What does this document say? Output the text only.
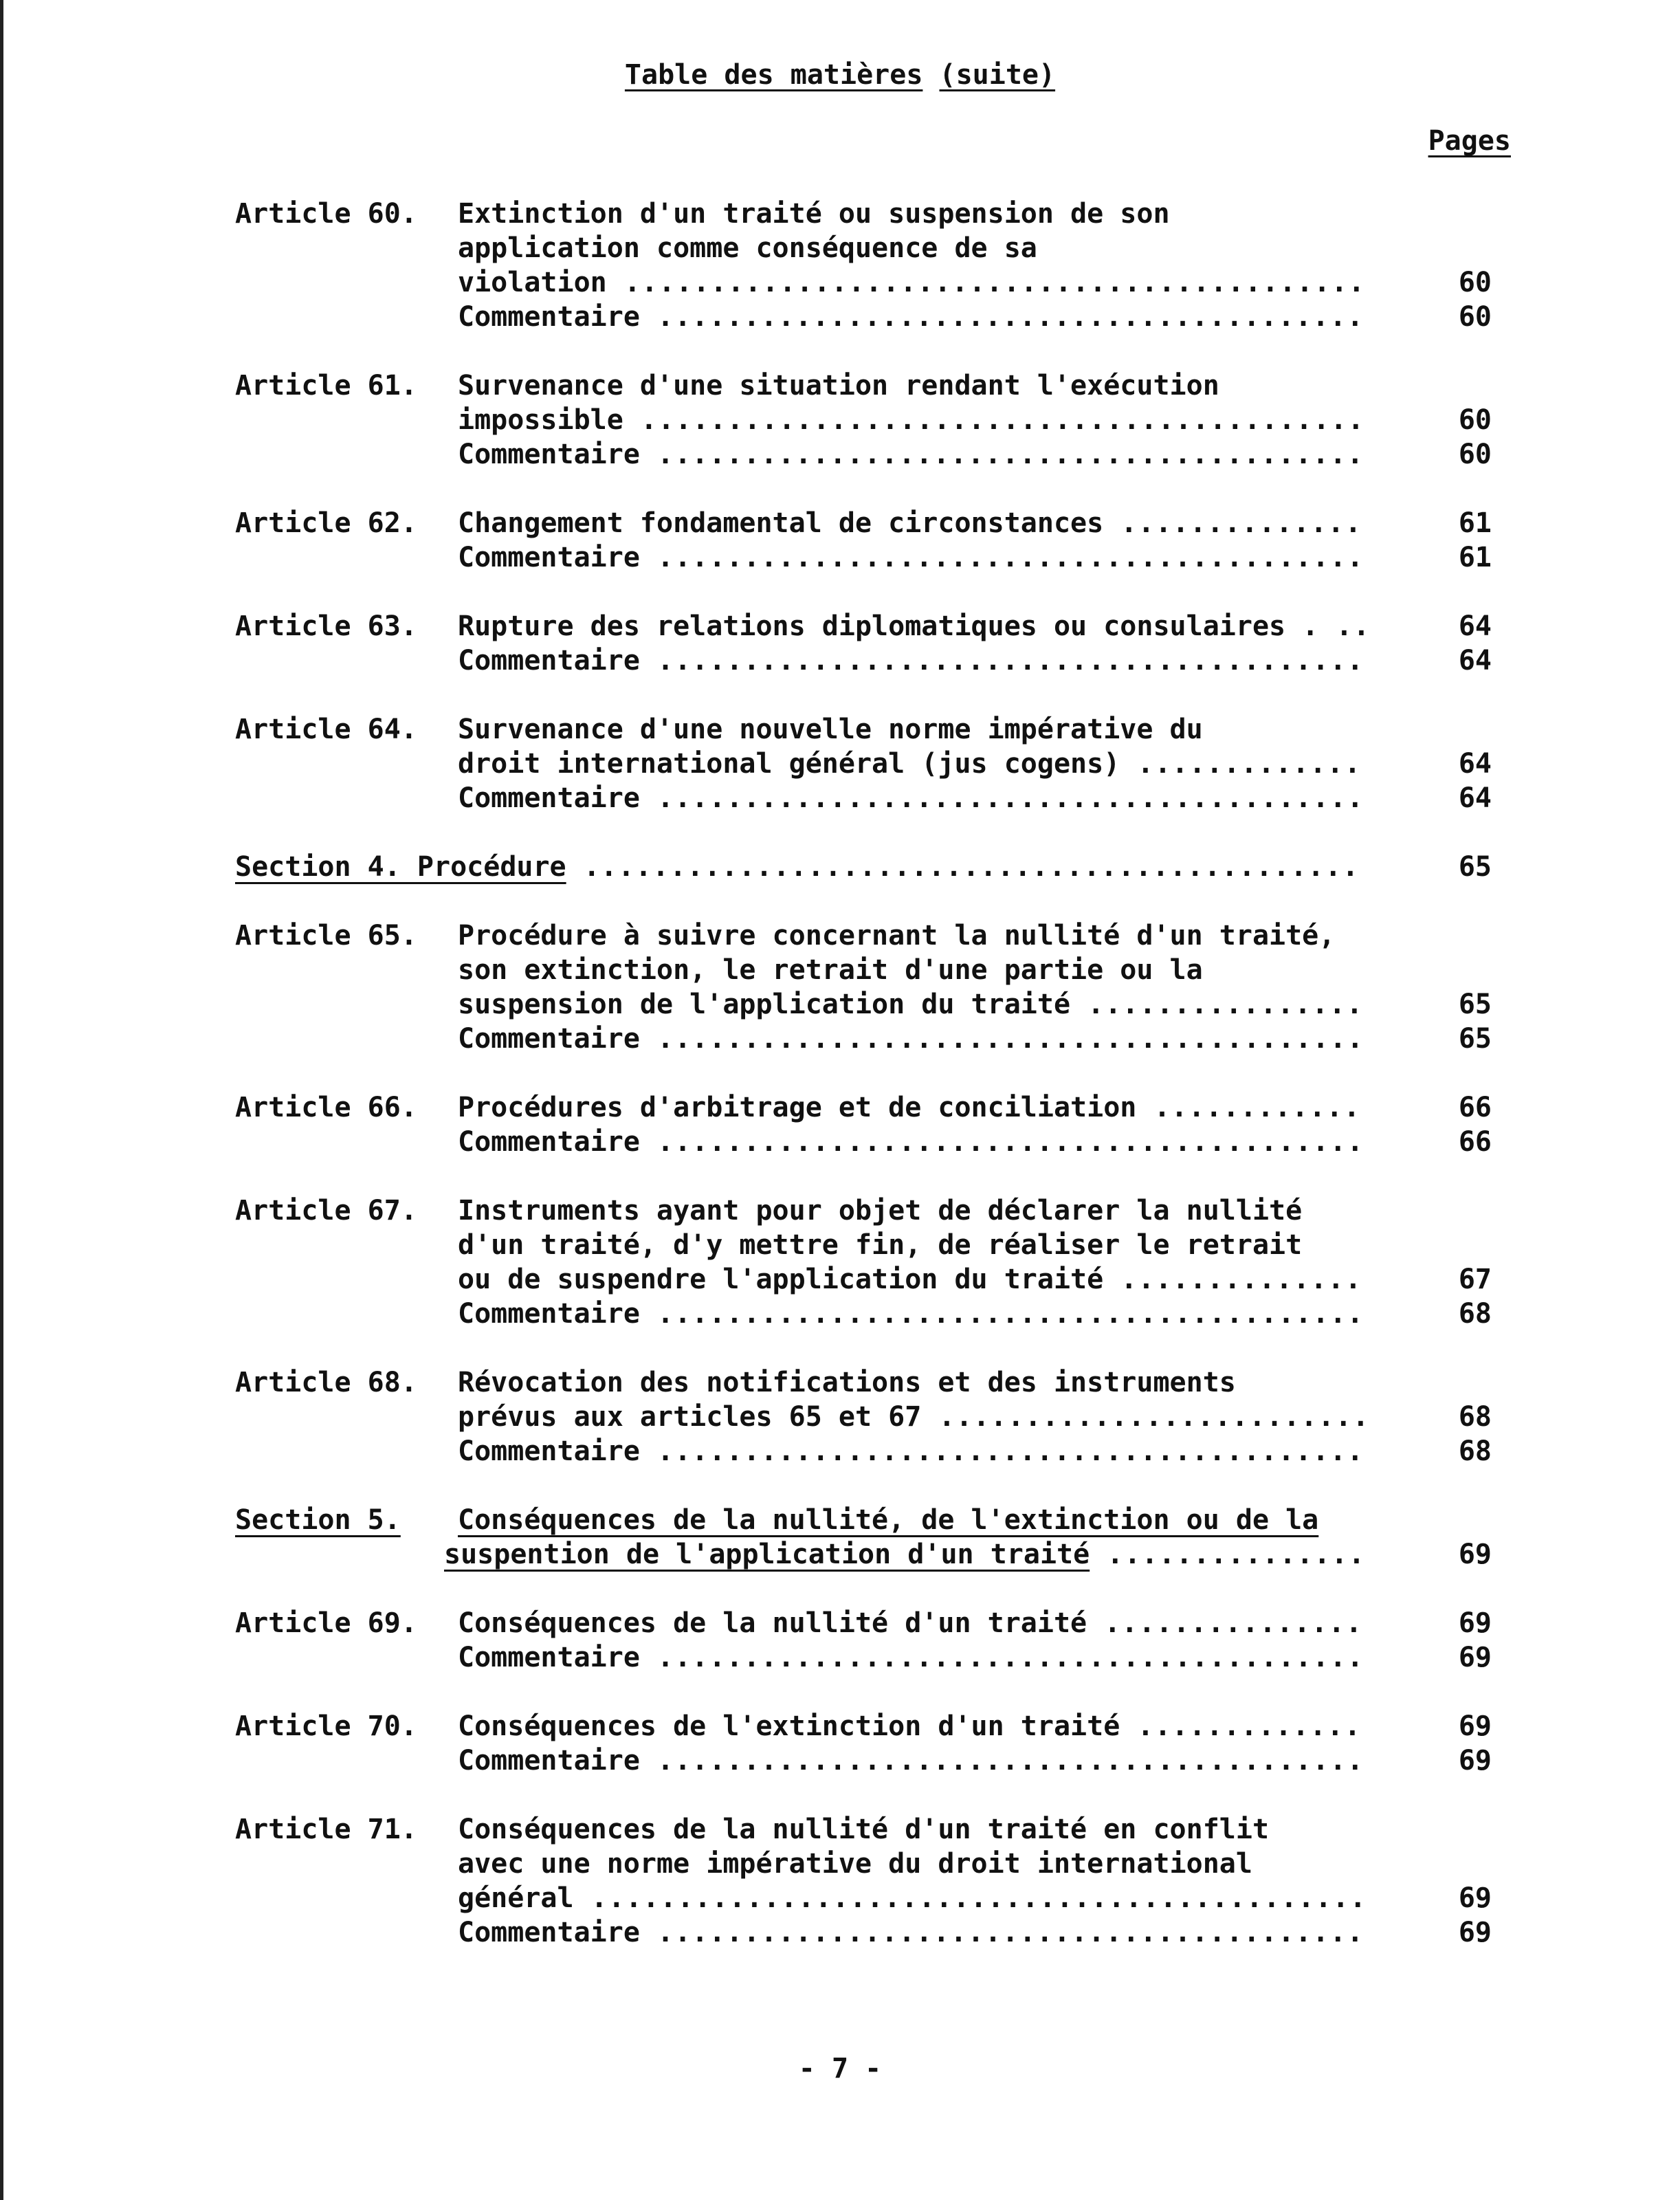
Table des matières (suite)
Pages
Article 60. Extinction d'un traité ou suspension de son
application comme conséquence de sa
violation .....	60
Commentaire .....	60
Article 61. Survenance d'une situation rendant l'exécution
impossible .....	60
Commentaire .....	60
Article 62. Changement fondamental de circonstances .....	61
Commentaire .....	61
Article 63. Rupture des relations diplomatiques ou consulaires . .....	64
Commentaire .....	64
Article 64. Survenance d'une nouvelle norme impérative du
droit international général (jus cogens) .....	64
Commentaire .....	64
Section 4. Procédure .....	65
Article 65. Procédure à suivre concernant la nullité d'un traité,
son extinction, le retrait d'une partie ou la
suspension de l'application du traité .....	65
Commentaire .....	65
Article 66. Procédures d'arbitrage et de conciliation .....	66
Commentaire .....	66
Article 67. Instruments ayant pour objet de déclarer la nullité
d'un traité, d'y mettre fin, de réaliser le retrait
ou de suspendre l'application du traité .....	67
Commentaire .....	68
Article 68. Révocation des notifications et des instruments
prévus aux articles 65 et 67 .....	68
Commentaire .....	68
Section 5. Conséquences de la nullité, de l'extinction ou de la
suspention de l'application d'un traité .....	69
Article 69. Conséquences de la nullité d'un traité .....	69
Commentaire .....	69
Article 70. Conséquences de l'extinction d'un traité .....	69
Commentaire .....	69
Article 71. Conséquences de la nullité d'un traité en conflit
avec une norme impérative du droit international
général .....	69
Commentaire .....	69
- 7 -
